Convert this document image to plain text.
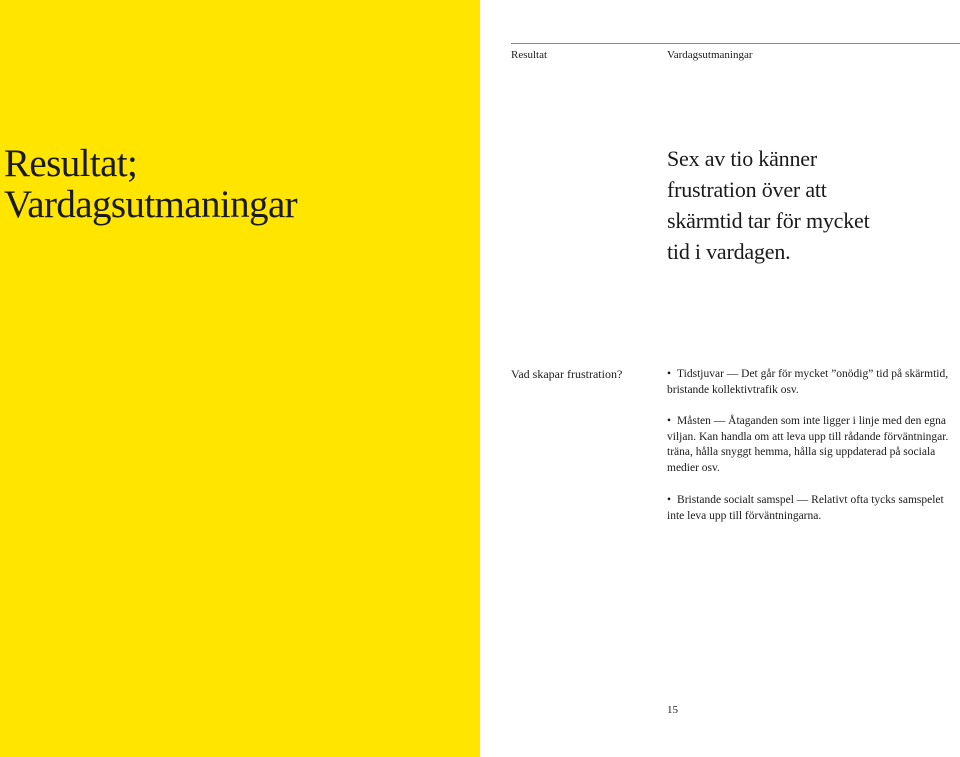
Resultat;
Vardagsutmaningar
Resultat	Vardagsutmaningar
Sex av tio känner
frustration över att
skärmtid tar för mycket
tid i vardagen.
Vad skapar frustration?	• Tidstjuvar — Det går för mycket ”onödig” tid på skärmtid, bristande kollektivtrafik osv.
• Måsten — Åtaganden som inte ligger i linje med den egna viljan. Kan handla om att leva upp till rådande förväntningar. träna, hålla snyggt hemma, hålla sig uppdaterad på sociala medier osv.
• Bristande socialt samspel — Relativt ofta tycks samspelet inte leva upp till förväntningarna.
15
